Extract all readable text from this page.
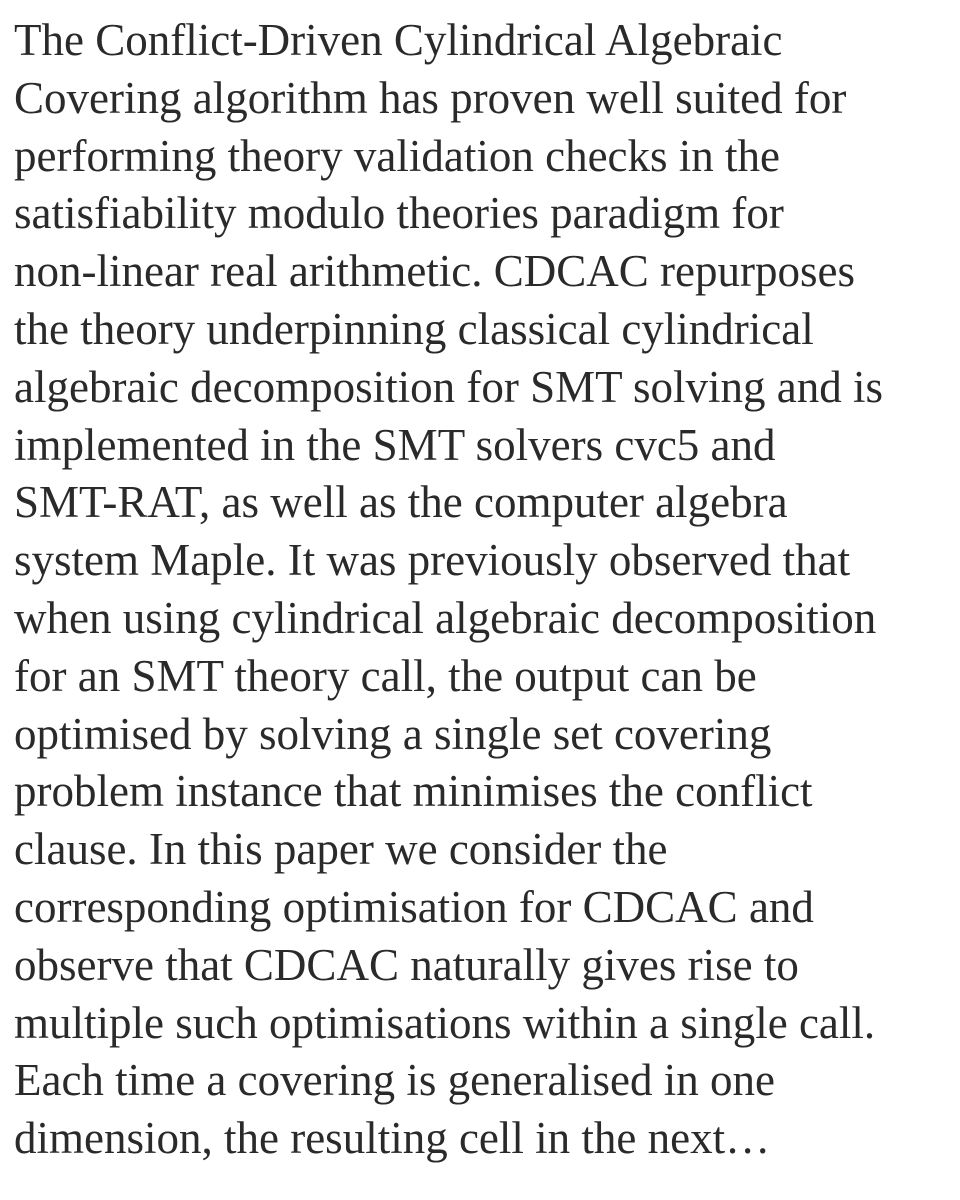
The Conflict-Driven Cylindrical Algebraic
Covering algorithm has proven well suited for
performing theory validation checks in the
satisfiability modulo theories paradigm for
non-linear real arithmetic. CDCAC repurposes
the theory underpinning classical cylindrical
algebraic decomposition for SMT solving and is
implemented in the SMT solvers cvc5 and
SMT-RAT, as well as the computer algebra
system Maple. It was previously observed that
when using cylindrical algebraic decomposition
for an SMT theory call, the output can be
optimised by solving a single set covering
problem instance that minimises the conflict
clause. In this paper we consider the
corresponding optimisation for CDCAC and
observe that CDCAC naturally gives rise to
multiple such optimisations within a single call.
Each time a covering is generalised in one
dimension, the resulting cell in the next…
